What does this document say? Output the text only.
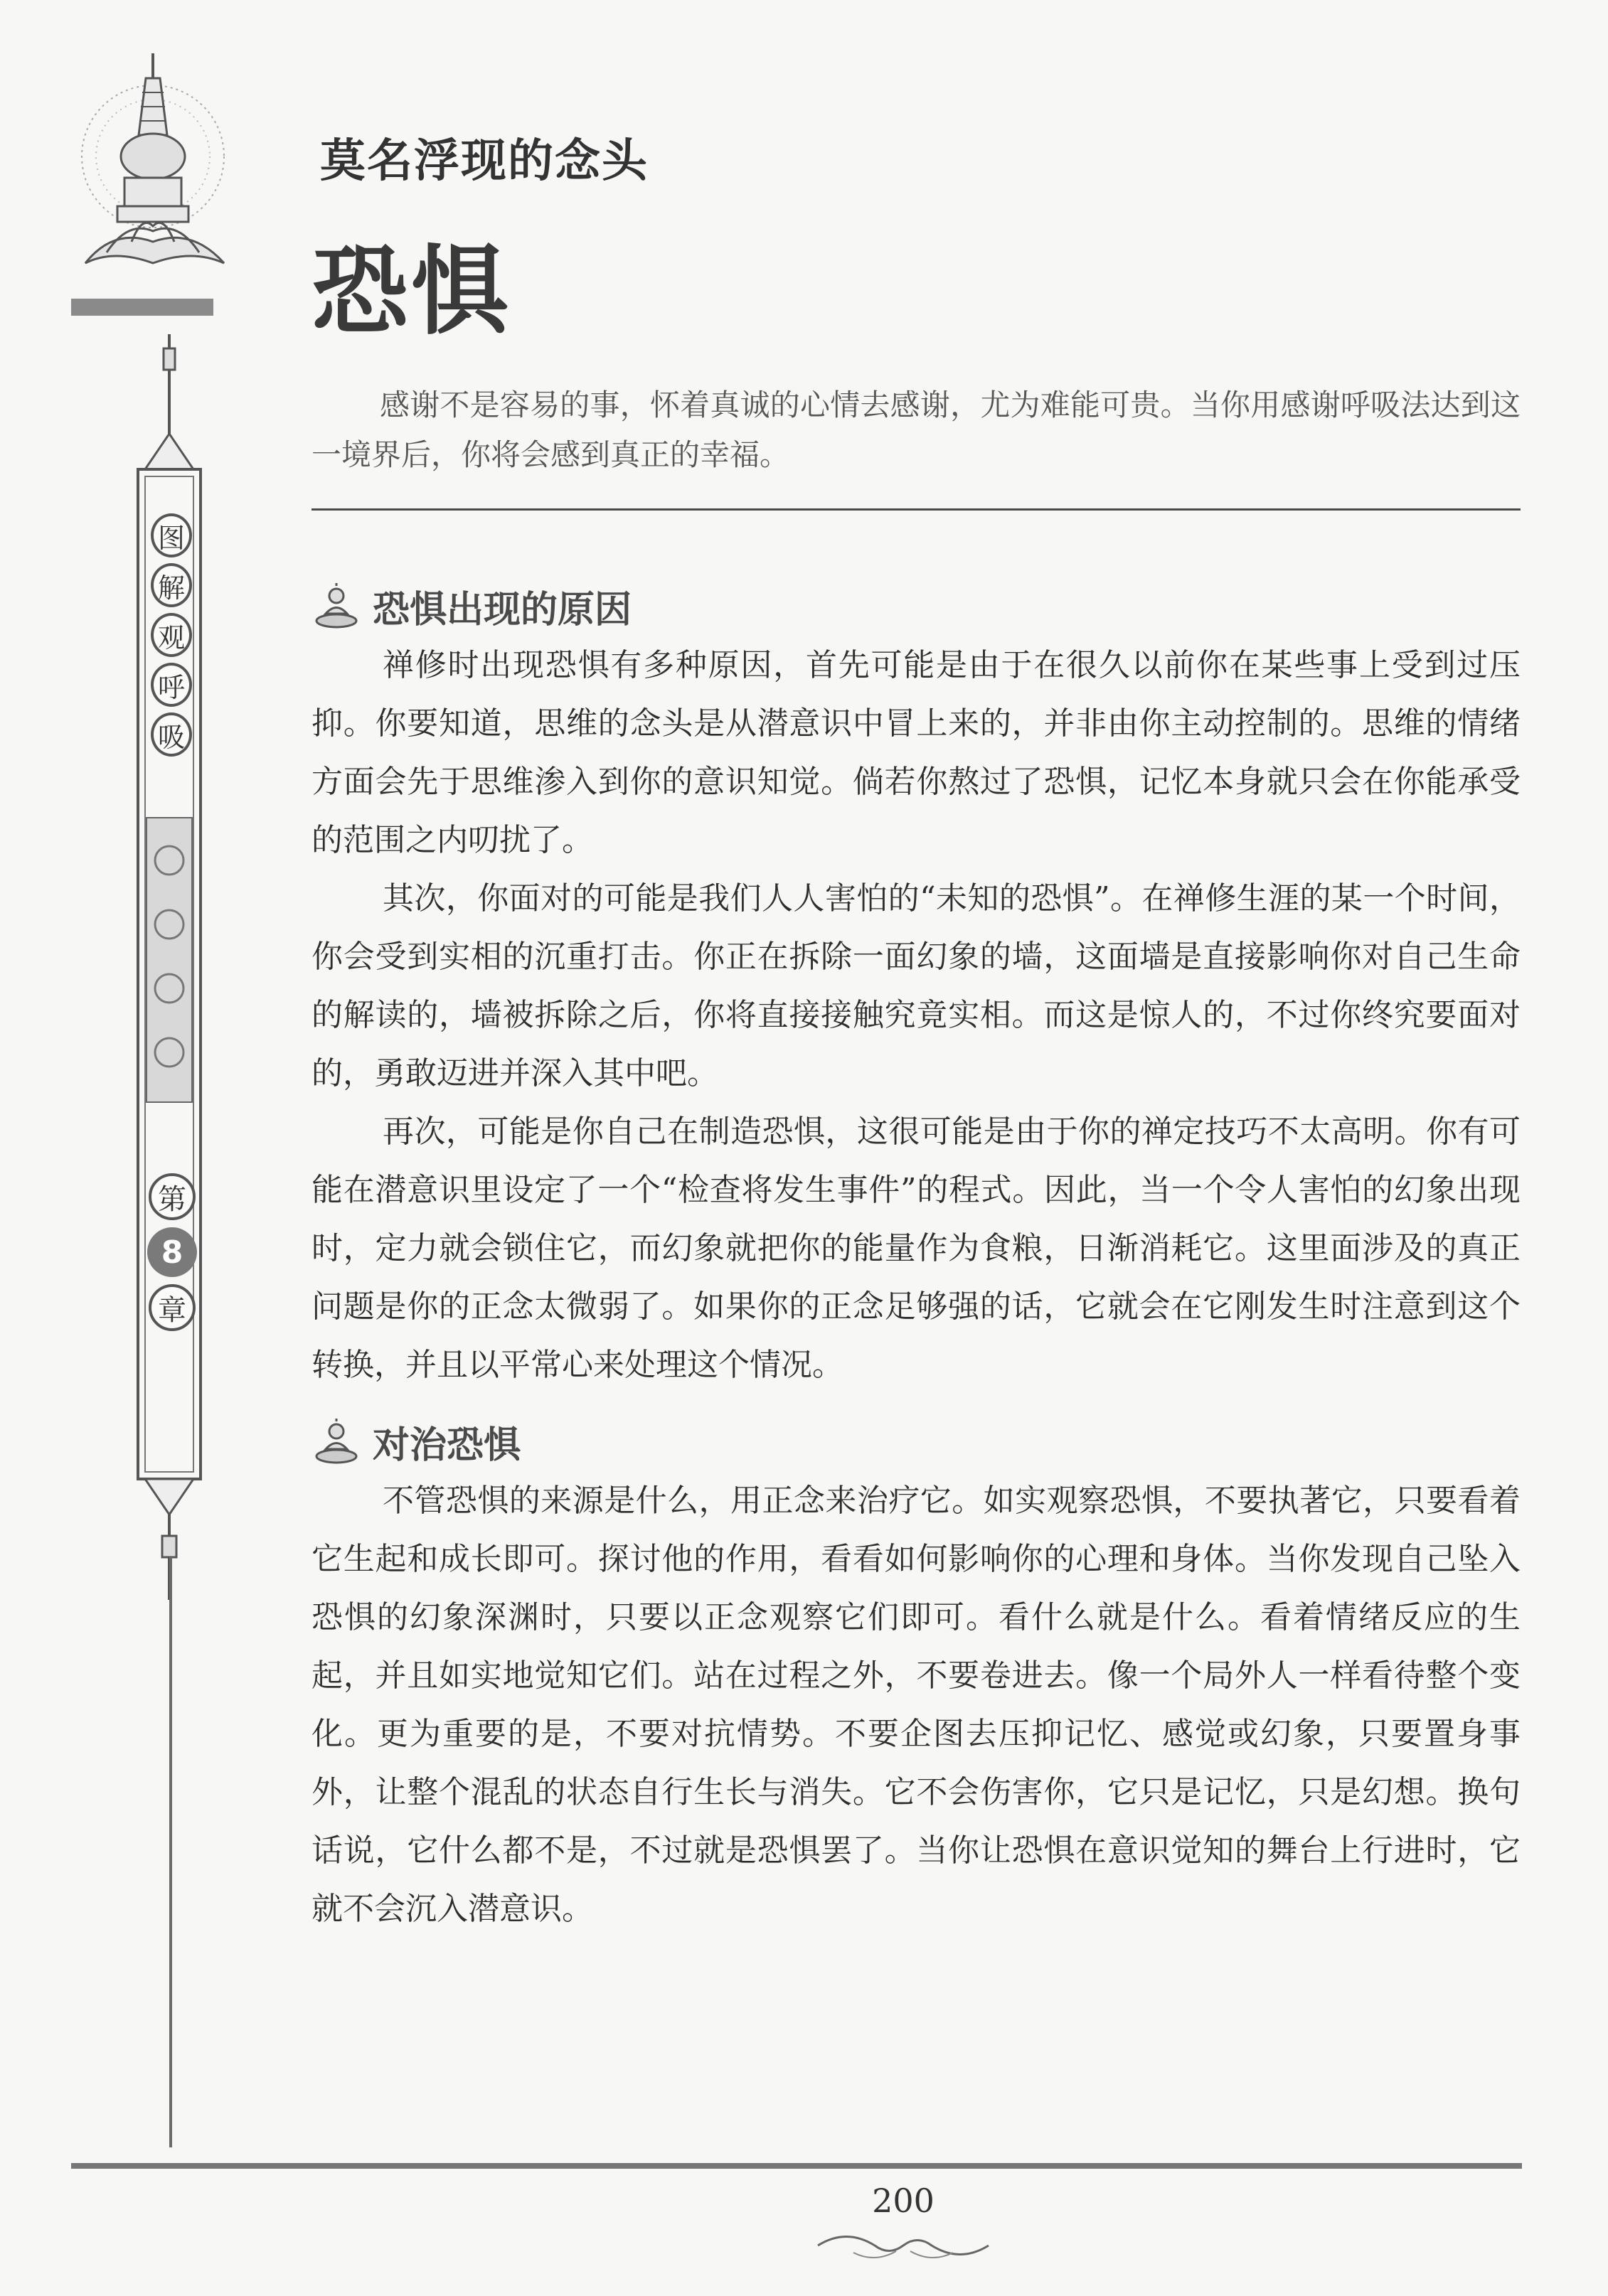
图
解
观
呼
吸
第
8
章
莫名浮现的念头
恐惧
感谢不是容易的事，怀着真诚的心情去感谢，尤为难能可贵。当你用感谢呼吸法达到这一境界后，你将会感到真正的幸福。
恐惧出现的原因

禅修时出现恐惧有多种原因，首先可能是由于在很久以前你在某些事上受到过压抑。你要知道，思维的念头是从潜意识中冒上来的，并非由你主动控制的。思维的情绪方面会先于思维渗入到你的意识知觉。倘若你熬过了恐惧，记忆本身就只会在你能承受的范围之内叨扰了。

其次，你面对的可能是我们人人害怕的“未知的恐惧”。在禅修生涯的某一个时间，你会受到实相的沉重打击。你正在拆除一面幻象的墙，这面墙是直接影响你对自己生命的解读的，墙被拆除之后，你将直接接触究竟实相。而这是惊人的，不过你终究要面对的，勇敢迈进并深入其中吧。

再次，可能是你自己在制造恐惧，这很可能是由于你的禅定技巧不太高明。你有可能在潜意识里设定了一个“检查将发生事件”的程式。因此，当一个令人害怕的幻象出现时，定力就会锁住它，而幻象就把你的能量作为食粮，日渐消耗它。这里面涉及的真正问题是你的正念太微弱了。如果你的正念足够强的话，它就会在它刚发生时注意到这个转换，并且以平常心来处理这个情况。

对治恐惧

不管恐惧的来源是什么，用正念来治疗它。如实观察恐惧，不要执著它，只要看着它生起和成长即可。探讨他的作用，看看如何影响你的心理和身体。当你发现自己坠入恐惧的幻象深渊时，只要以正念观察它们即可。看什么就是什么。看着情绪反应的生起，并且如实地觉知它们。站在过程之外，不要卷进去。像一个局外人一样看待整个变化。更为重要的是，不要对抗情势。不要企图去压抑记忆、感觉或幻象，只要置身事外，让整个混乱的状态自行生长与消失。它不会伤害你，它只是记忆，只是幻想。换句话说，它什么都不是，不过就是恐惧罢了。当你让恐惧在意识觉知的舞台上行进时，它就不会沉入潜意识。

200
